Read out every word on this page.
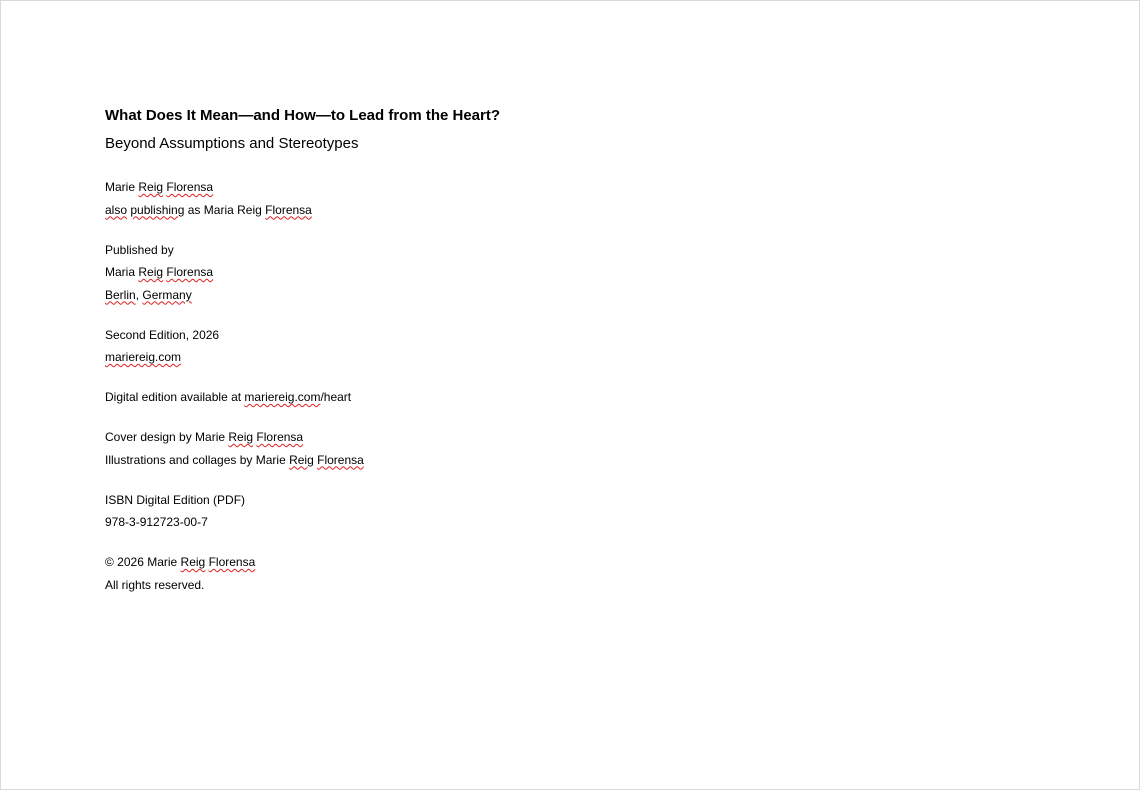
What Does It Mean—and How—to Lead from the Heart?
Beyond Assumptions and Stereotypes
Marie Reig Florensa
also publishing as Maria Reig Florensa
Published by
Maria Reig Florensa
Berlin, Germany
Second Edition, 2026
mariereig.com
Digital edition available at mariereig.com/heart
Cover design by Marie Reig Florensa
Illustrations and collages by Marie Reig Florensa
ISBN Digital Edition (PDF)
978-3-912723-00-7
© 2026 Marie Reig Florensa
All rights reserved.
